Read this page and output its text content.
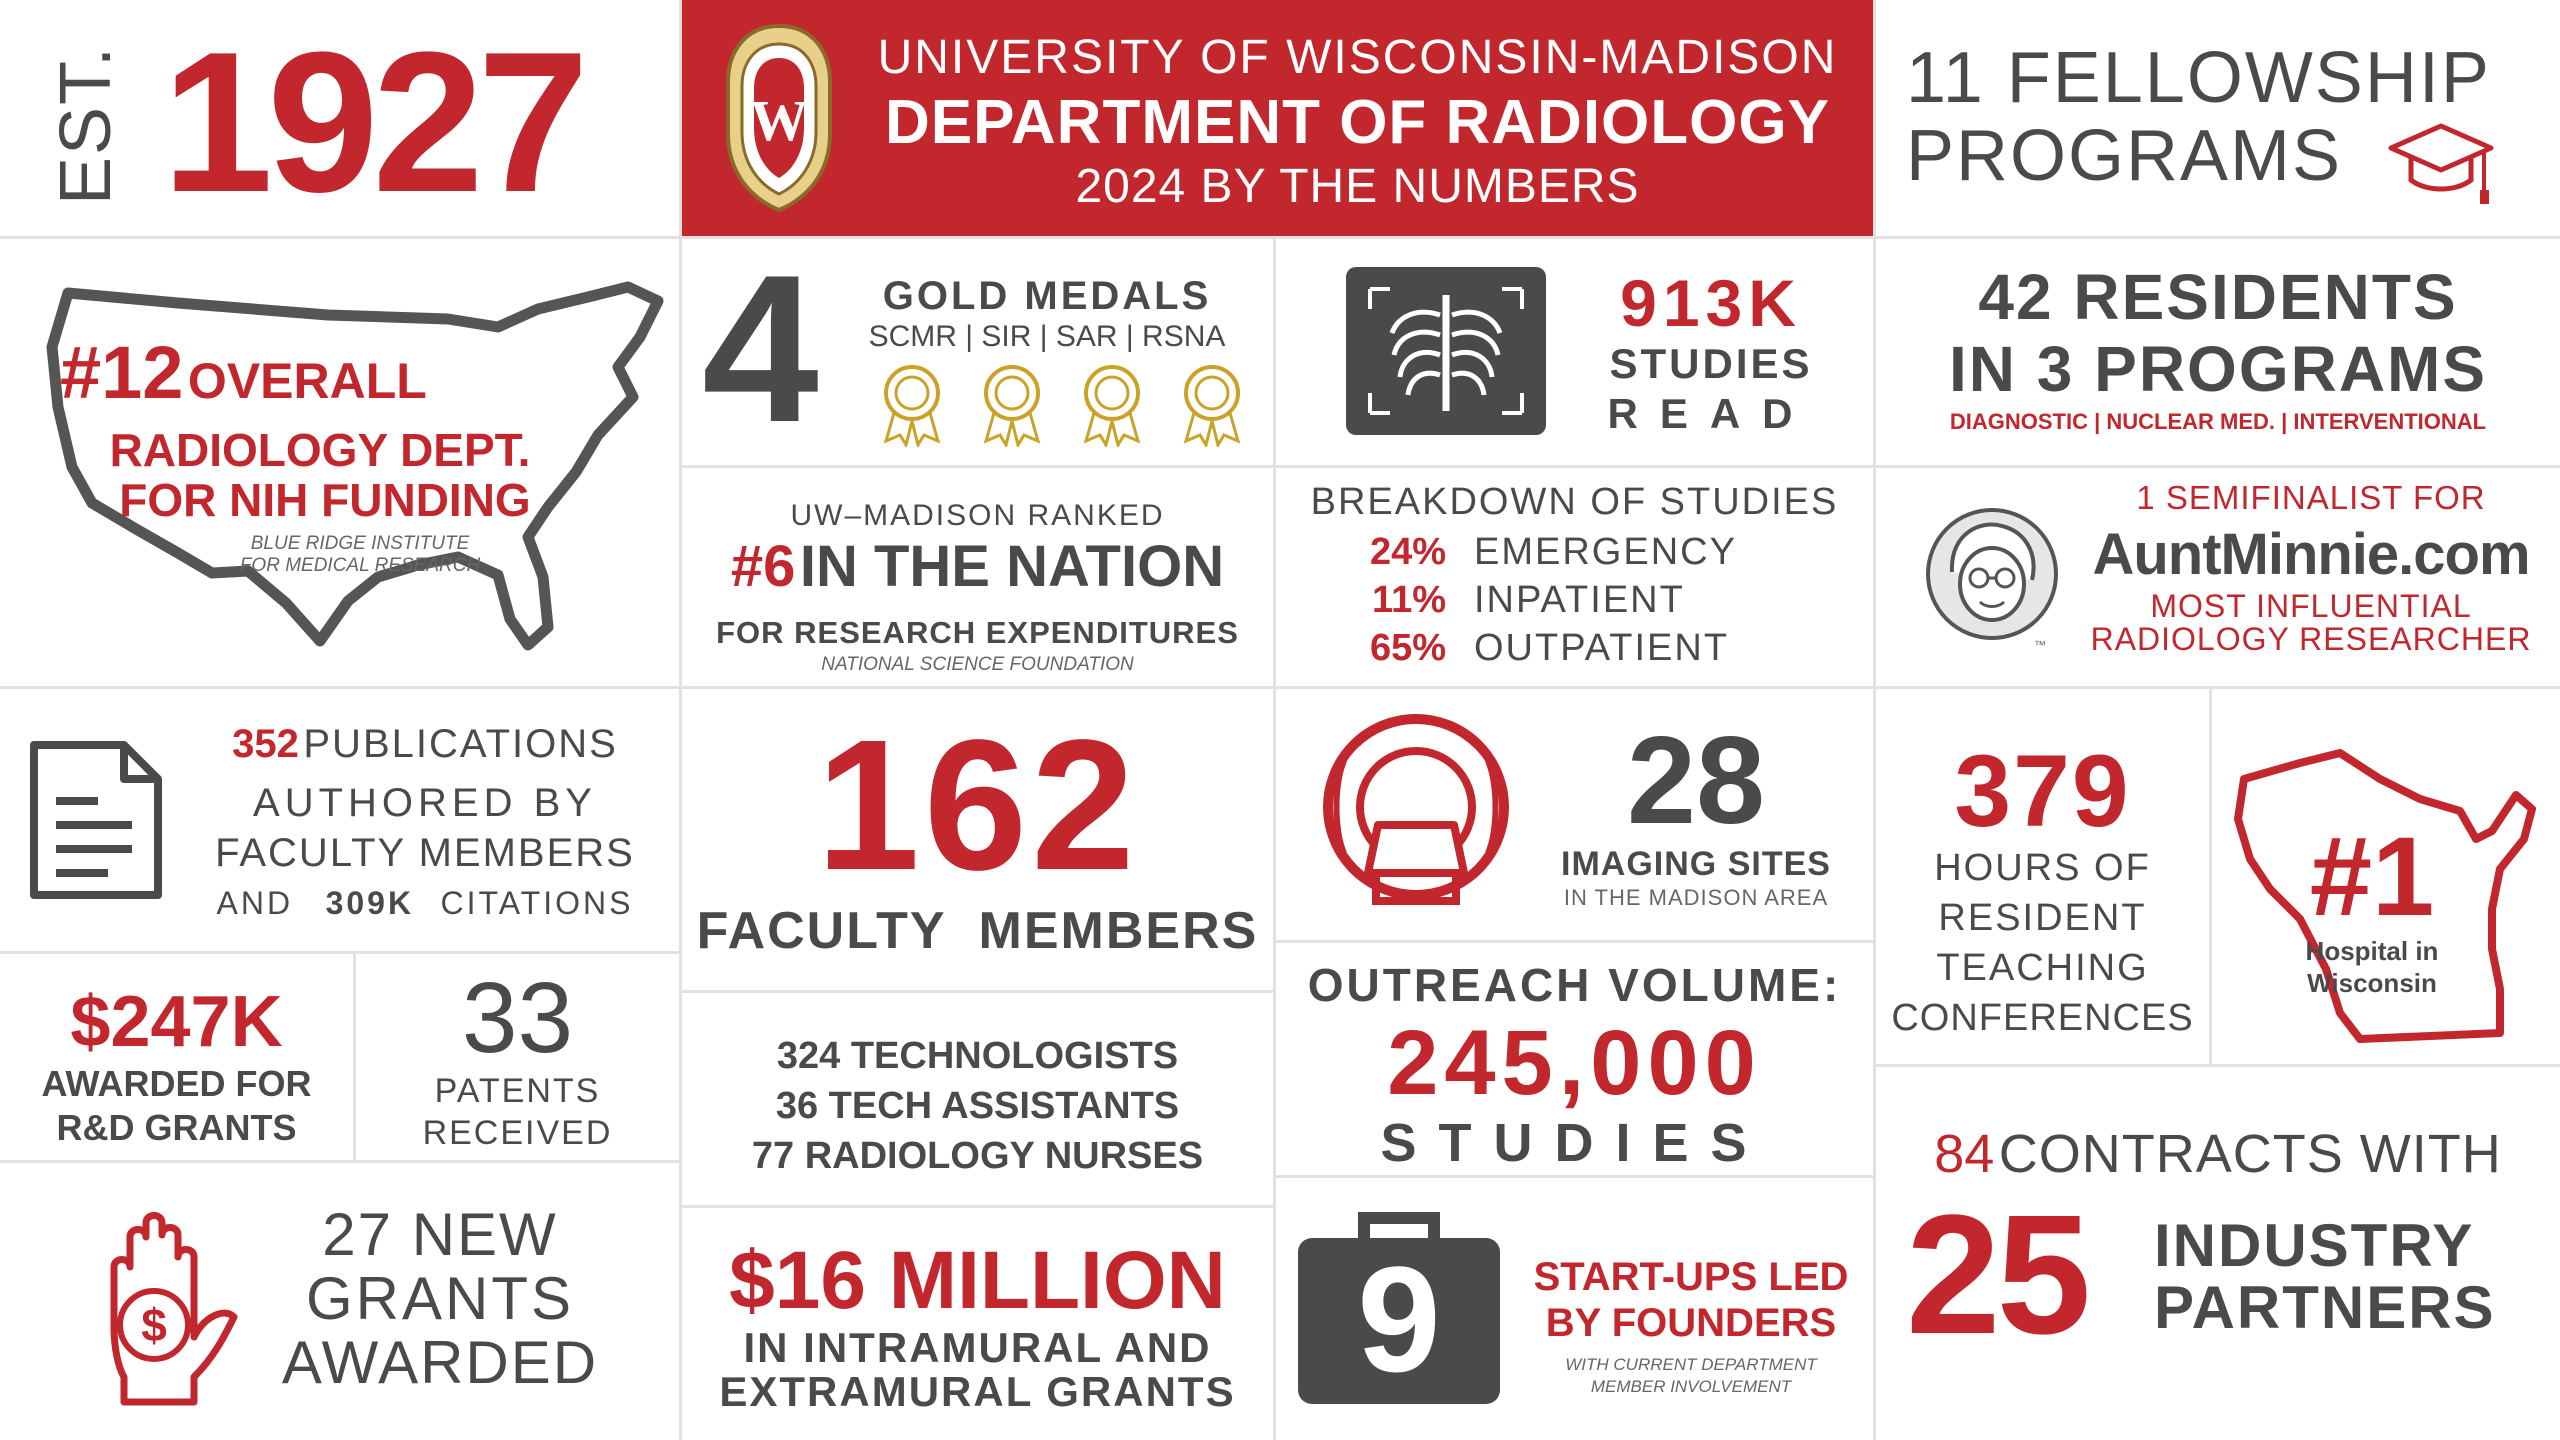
EST. 1927	W
UNIVERSITY OF WISCONSIN-MADISON
DEPARTMENT OF RADIOLOGY
2024 BY THE NUMBERS
11 FELLOWSHIP
PROGRAMS
#12 OVERALL
RADIOLOGY DEPT.
FOR NIH FUNDING
BLUE RIDGE INSTITUTE
FOR MEDICAL RESEARCH
4	GOLD MEDALS
SCMR | SIR | SAR | RSNA	913K
STUDIES
READ
42 RESIDENTS
IN 3 PROGRAMS
DIAGNOSTIC | NUCLEAR MED. | INTERVENTIONAL
UW–MADISON RANKED
#6 IN THE NATION
FOR RESEARCH EXPENDITURES
NATIONAL SCIENCE FOUNDATION
BREAKDOWN OF STUDIES
24% EMERGENCY
11% INPATIENT
65% OUTPATIENT	™
1 SEMIFINALIST FOR
AuntMinnie.com
MOST INFLUENTIAL
RADIOLOGY RESEARCHER
352 PUBLICATIONS
AUTHORED BY
FACULTY MEMBERS
AND 309K CITATIONS 162
FACULTY  MEMBERS
28
IMAGING SITES
IN THE MADISON AREA
379
HOURS OF
RESIDENT
TEACHING
CONFERENCES
#1
Hospital in
Wisconsin
$247K
AWARDED FOR
R&D GRANTS
33
PATENTS
RECEIVED
324 TECHNOLOGISTS
36 TECH ASSISTANTS
77 RADIOLOGY NURSES
OUTREACH VOLUME:
245,000
STUDIES	84 CONTRACTS WITH
25 INDUSTRY
PARTNERS
$
27 NEW
GRANTS
AWARDED
$16 MILLION
IN INTRAMURAL AND
EXTRAMURAL GRANTS 9	START-UPS LED
BY FOUNDERS
WITH CURRENT DEPARTMENT
MEMBER INVOLVEMENT
